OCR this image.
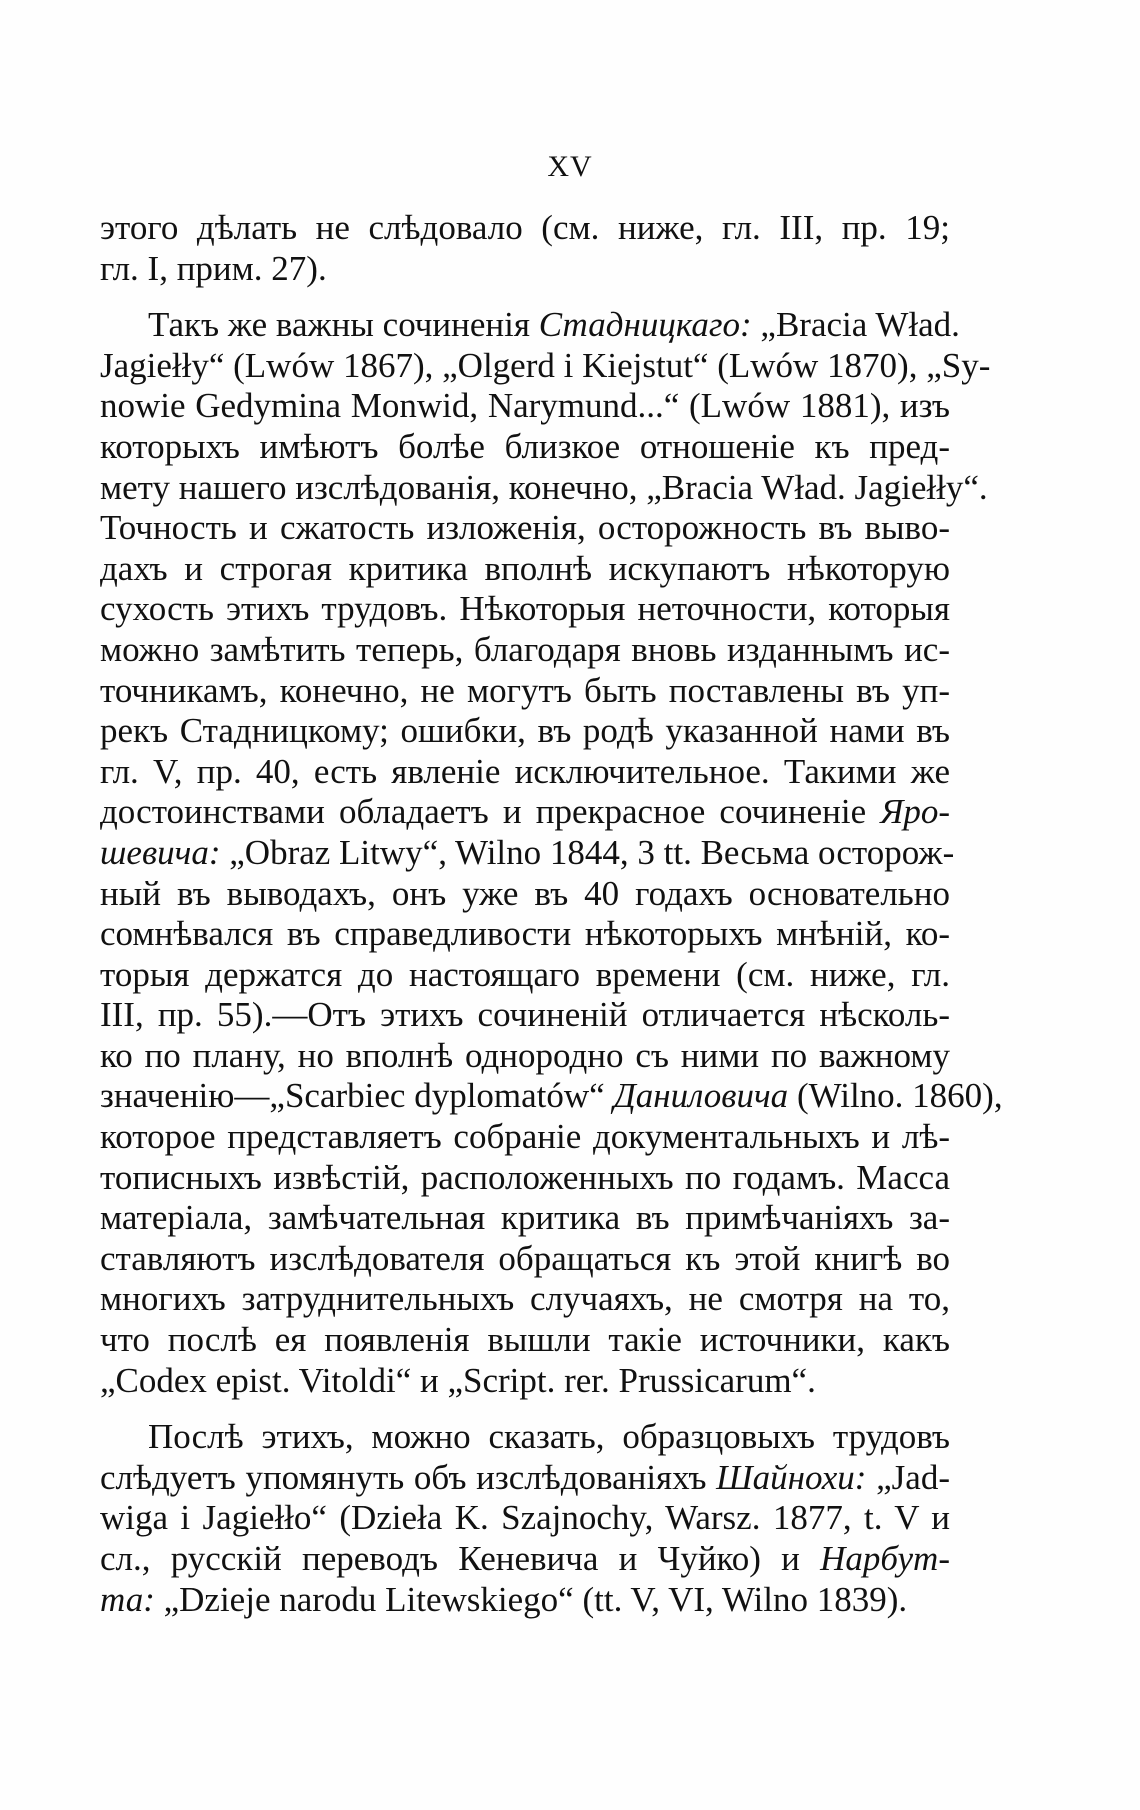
XV
этого дѣлать не слѣдовало (см. ниже, гл. III, пр. 19;
гл. I, прим. 27).
Такъ же важны сочиненія Стадницкаго: „Bracia Wład.
Jagiełły“ (Lwów 1867), „Olgerd i Kiejstut“ (Lwów 1870), „Sy-
nowie Gedymina Monwid, Narymund...“ (Lwów 1881), изъ
которыхъ имѣютъ болѣе близкое отношеніе къ пред-
мету нашего изслѣдованія, конечно, „Bracia Wład. Jagiełły“.
Точность и сжатость изложенія, осторожность въ выво-
дахъ и строгая критика вполнѣ искупаютъ нѣкоторую
сухость этихъ трудовъ. Нѣкоторыя неточности, которыя
можно замѣтить теперь, благодаря вновь изданнымъ ис-
точникамъ, конечно, не могутъ быть поставлены въ уп-
рекъ Стадницкому; ошибки, въ родѣ указанной нами въ
гл. V, пр. 40, есть явленіе исключительное. Такими же
достоинствами обладаетъ и прекрасное сочиненіе Яро-
шевича: „Obraz Litwy“, Wilno 1844, 3 tt. Весьма осторож-
ный въ выводахъ, онъ уже въ 40 годахъ основательно
сомнѣвался въ справедливости нѣкоторыхъ мнѣній, ко-
торыя держатся до настоящаго времени (см. ниже, гл.
III, пр. 55).—Отъ этихъ сочиненій отличается нѣсколь-
ко по плану, но вполнѣ однородно съ ними по важному
значенію—„Scarbiec dyplomatów“ Даниловича (Wilno. 1860),
которое представляетъ собраніе документальныхъ и лѣ-
тописныхъ извѣстій, расположенныхъ по годамъ. Масса
матеріала, замѣчательная критика въ примѣчаніяхъ за-
ставляютъ изслѣдователя обращаться къ этой книгѣ во
многихъ затруднительныхъ случаяхъ, не смотря на то,
что послѣ ея появленія вышли такіе источники, какъ
„Codex epist. Vitoldi“ и „Script. rer. Prussicarum“.
Послѣ этихъ, можно сказать, образцовыхъ трудовъ
слѣдуетъ упомянуть объ изслѣдованіяхъ Шайнохи: „Jad-
wiga i Jagiełło“ (Dzieła K. Szajnochy, Warsz. 1877, t. V и
сл., русскій переводъ Кеневича и Чуйко) и Нарбут-
та: „Dzieje narodu Litewskiego“ (tt. V, VI, Wilno 1839).
